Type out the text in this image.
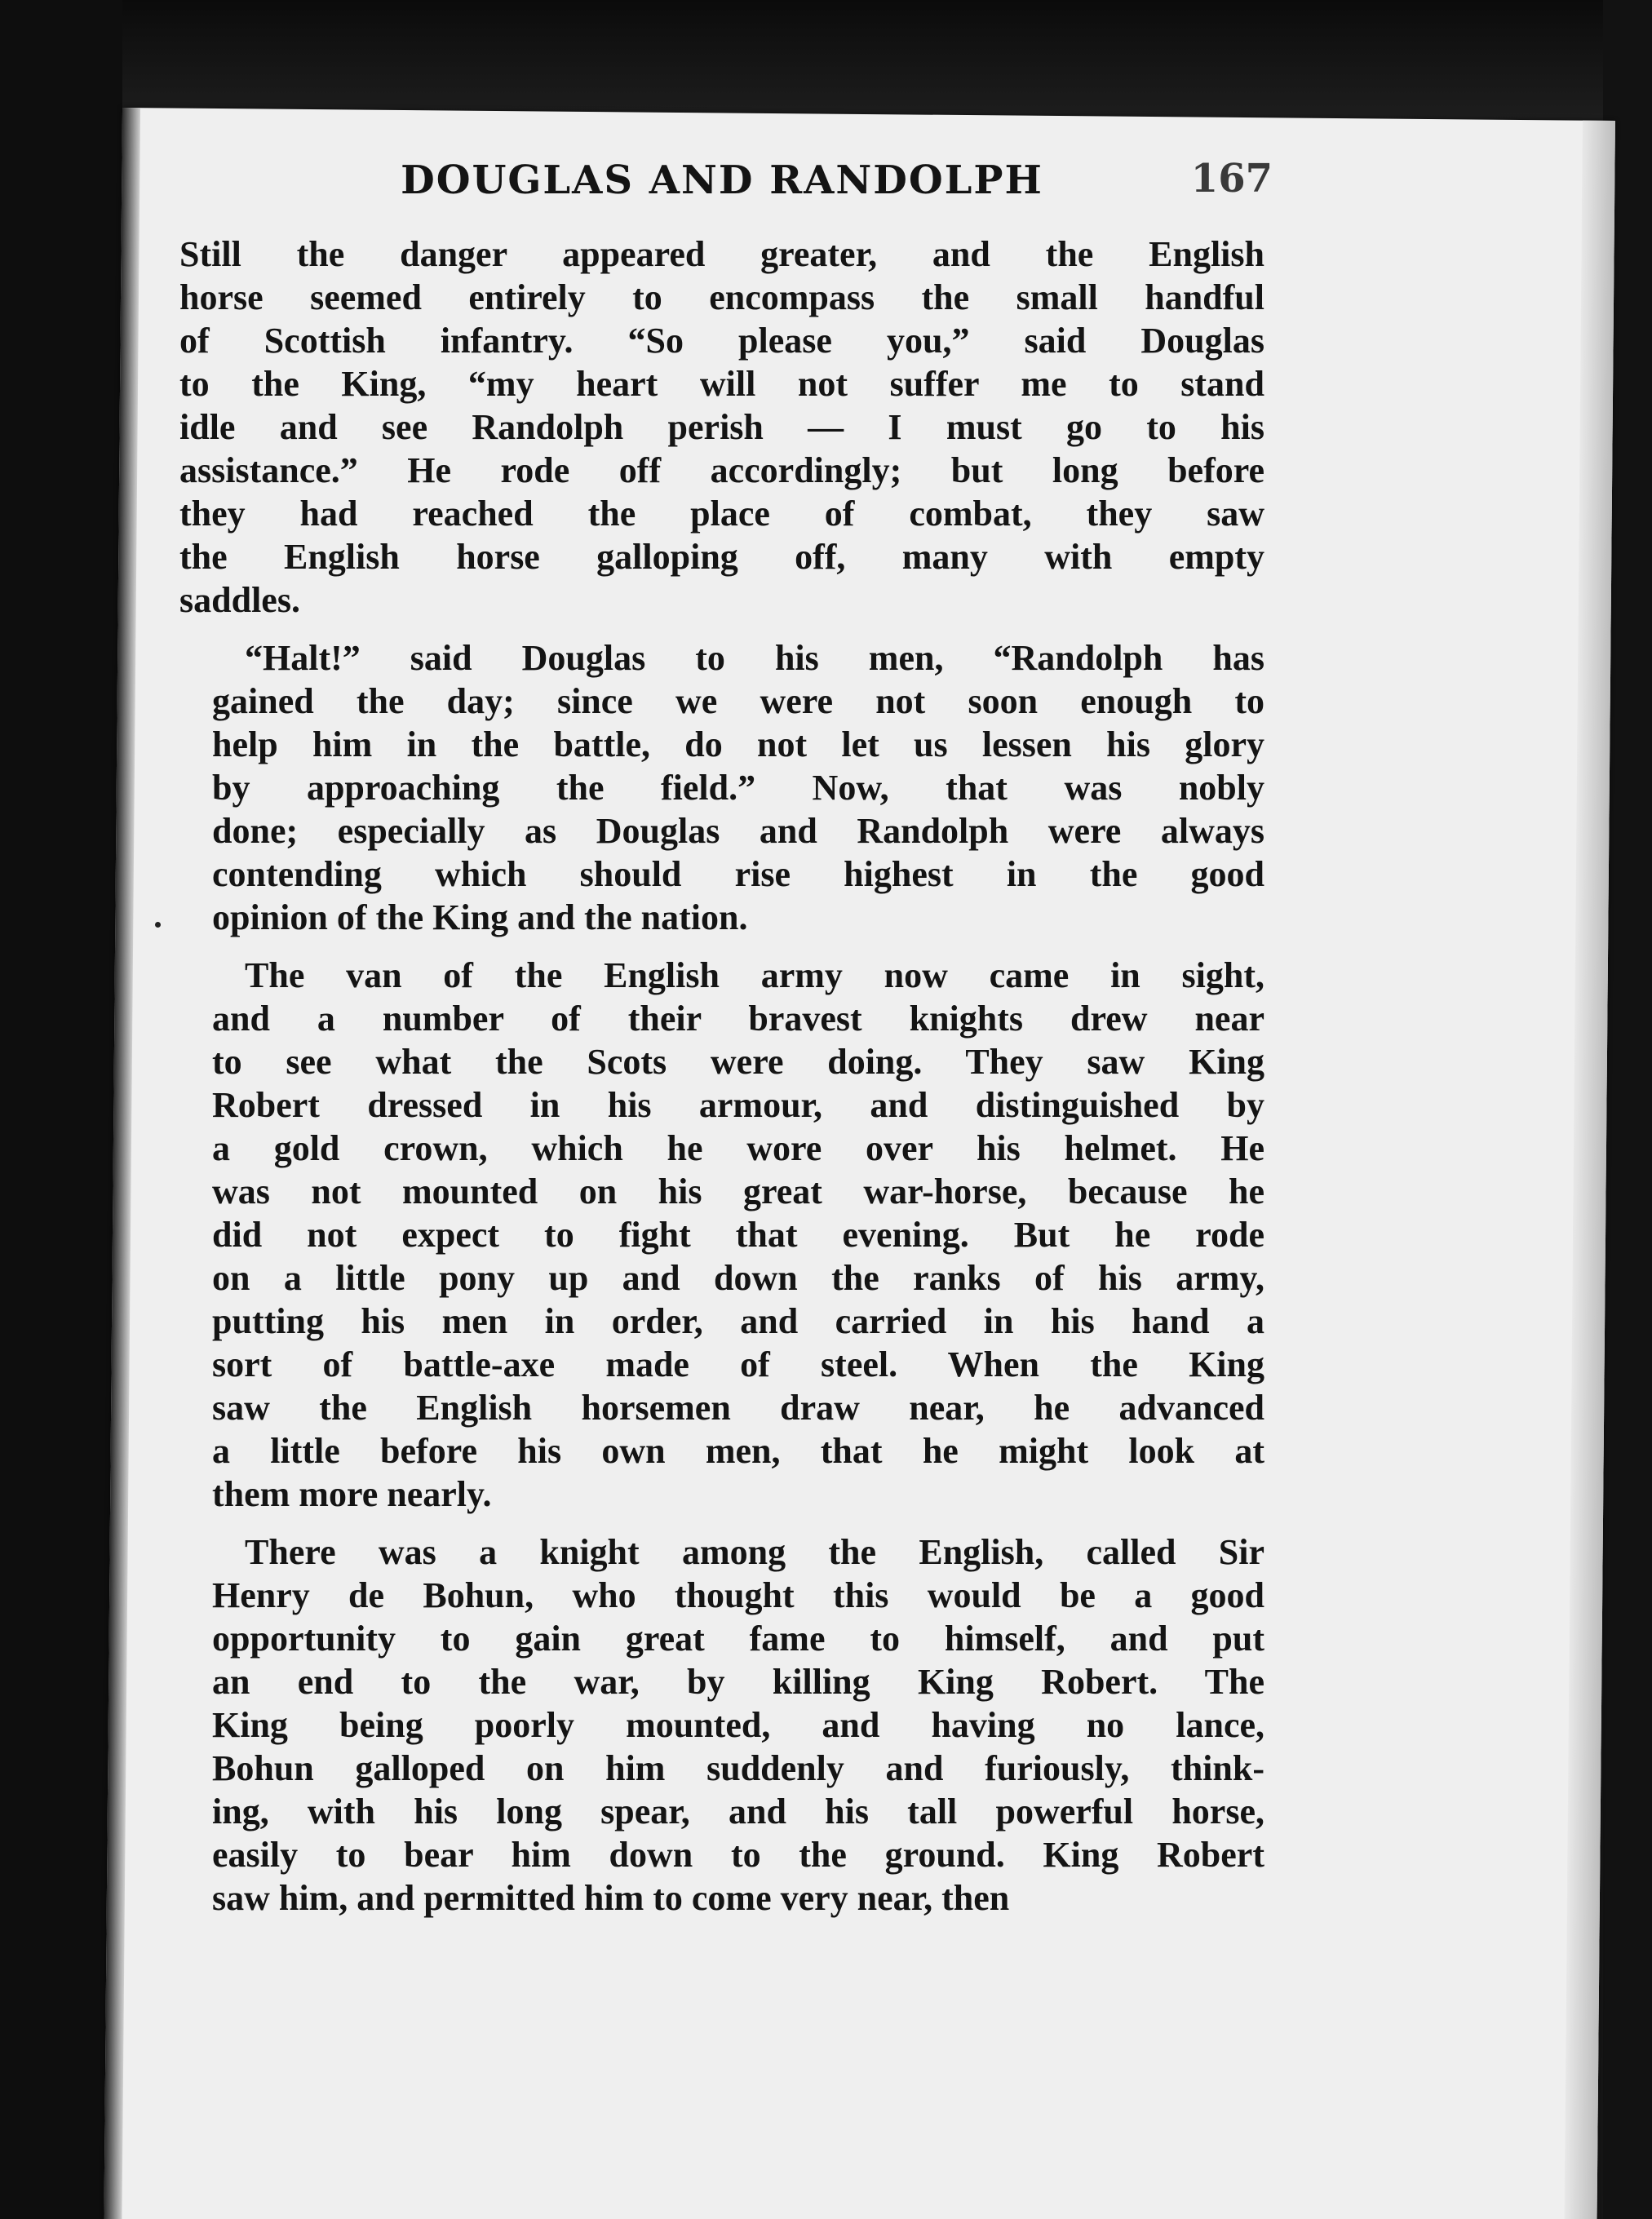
DOUGLAS AND RANDOLPH	167
Still the danger appeared greater, and the English
horse seemed entirely to encompass the small handful
of Scottish infantry. “So please you,” said Douglas
to the King, “my heart will not suffer me to stand
idle and see Randolph perish — I must go to his
assistance.” He rode off accordingly; but long before
they had reached the place of combat, they saw
the English horse galloping off, many with empty
saddles.
“Halt!” said Douglas to his men, “Randolph has
gained the day; since we were not soon enough to
help him in the battle, do not let us lessen his glory
by approaching the field.” Now, that was nobly
done; especially as Douglas and Randolph were always
contending which should rise highest in the good
opinion of the King and the nation.
The van of the English army now came in sight,
and a number of their bravest knights drew near
to see what the Scots were doing. They saw King
Robert dressed in his armour, and distinguished by
a gold crown, which he wore over his helmet. He
was not mounted on his great war-horse, because he
did not expect to fight that evening. But he rode
on a little pony up and down the ranks of his army,
putting his men in order, and carried in his hand a
sort of battle-axe made of steel. When the King
saw the English horsemen draw near, he advanced
a little before his own men, that he might look at
them more nearly.
There was a knight among the English, called Sir
Henry de Bohun, who thought this would be a good
opportunity to gain great fame to himself, and put
an end to the war, by killing King Robert. The
King being poorly mounted, and having no lance,
Bohun galloped on him suddenly and furiously, think-
ing, with his long spear, and his tall powerful horse,
easily to bear him down to the ground. King Robert
saw him, and permitted him to come very near, then
